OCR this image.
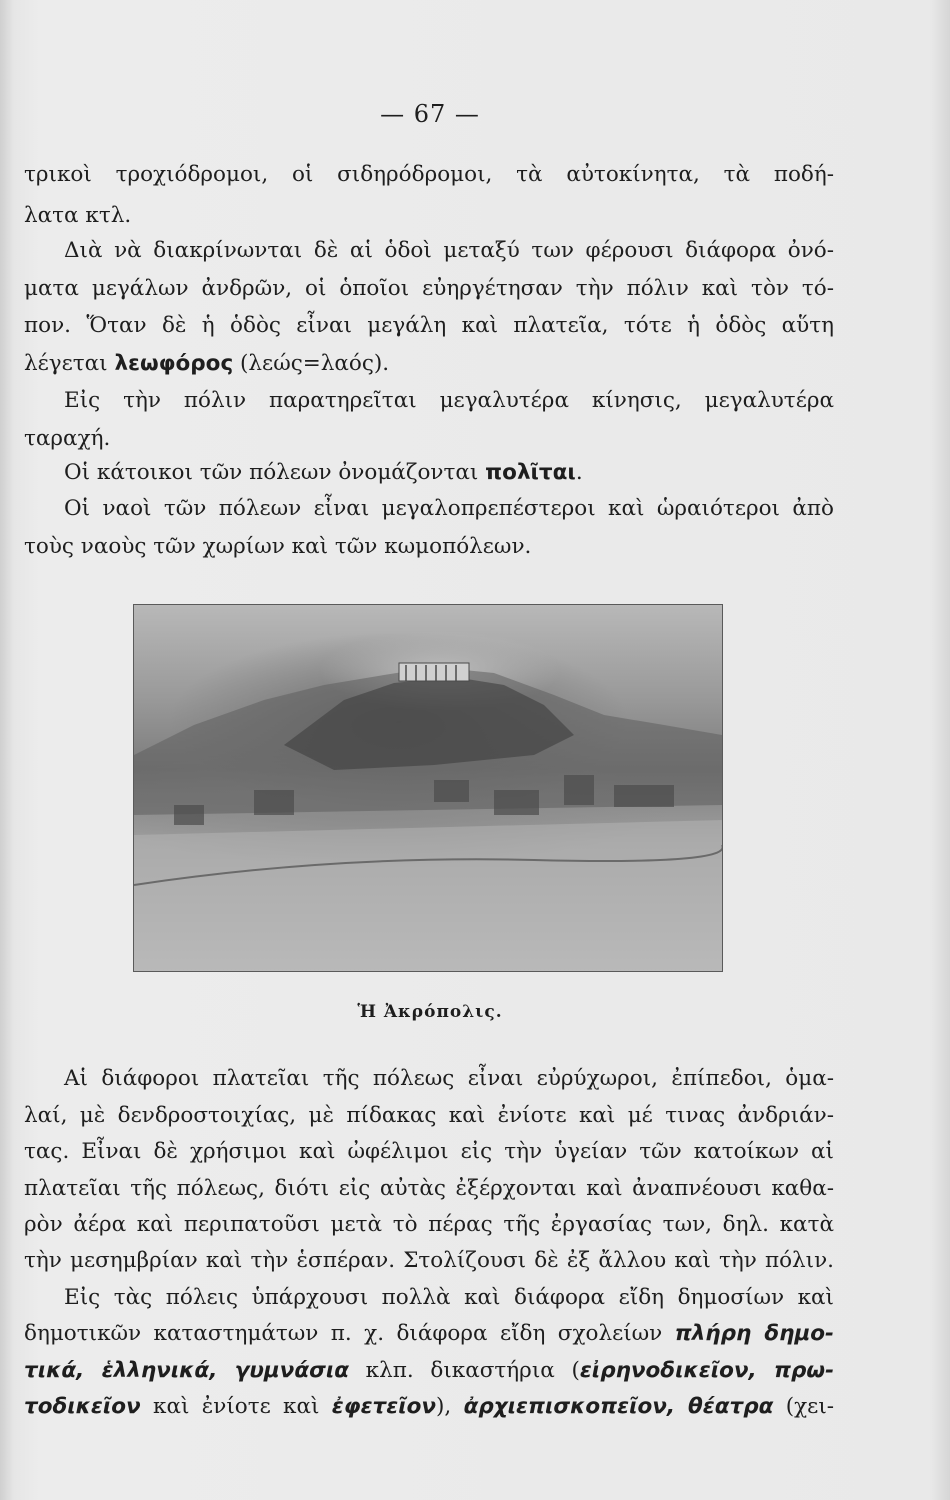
— 67 —
τρικοὶ τροχιόδρομοι, οἱ σιδηρόδρομοι, τὰ αὐτοκίνητα, τὰ ποδή-
λατα κτλ.
Διὰ νὰ διακρίνωνται δὲ αἱ ὁδοὶ μεταξύ των φέρουσι διάφορα ὀνό-
ματα μεγάλων ἀνδρῶν, οἱ ὁποῖοι εὐηργέτησαν τὴν πόλιν καὶ τὸν τό-
πον. Ὅταν δὲ ἡ ὁδὸς εἶναι μεγάλη καὶ πλατεῖα, τότε ἡ ὁδὸς αὕτη
λέγεται λεωφόρος (λεώς=λαός).
Εἰς τὴν πόλιν παρατηρεῖται μεγαλυτέρα κίνησις, μεγαλυτέρα
ταραχή.
Οἱ κάτοικοι τῶν πόλεων ὀνομάζονται πολῖται.
Οἱ ναοὶ τῶν πόλεων εἶναι μεγαλοπρεπέστεροι καὶ ὡραιότεροι ἀπὸ
τοὺς ναοὺς τῶν χωρίων καὶ τῶν κωμοπόλεων.
Ἡ Ἀκρόπολις.
Αἱ διάφοροι πλατεῖαι τῆς πόλεως εἶναι εὐρύχωροι, ἐπίπεδοι, ὁμα-
λαί, μὲ δενδροστοιχίας, μὲ πίδακας καὶ ἐνίοτε καὶ μέ τινας ἀνδριάν-
τας. Εἶναι δὲ χρήσιμοι καὶ ὠφέλιμοι εἰς τὴν ὑγείαν τῶν κατοίκων αἱ
πλατεῖαι τῆς πόλεως, διότι εἰς αὐτὰς ἐξέρχονται καὶ ἀναπνέουσι καθα-
ρὸν ἀέρα καὶ περιπατοῦσι μετὰ τὸ πέρας τῆς ἐργασίας των, δηλ. κατὰ
τὴν μεσημβρίαν καὶ τὴν ἑσπέραν. Στολίζουσι δὲ ἐξ ἄλλου καὶ τὴν πόλιν.
Εἰς τὰς πόλεις ὑπάρχουσι πολλὰ καὶ διάφορα εἴδη δημοσίων καὶ
δημοτικῶν καταστημάτων π. χ. διάφορα εἴδη σχολείων πλήρη δημο-
τικά, ἑλληνικά, γυμνάσια κλπ. δικαστήρια (εἰρηνοδικεῖον, πρω-
τοδικεῖον καὶ ἐνίοτε καὶ ἐφετεῖον), ἀρχιεπισκοπεῖον, θέατρα (χει-
